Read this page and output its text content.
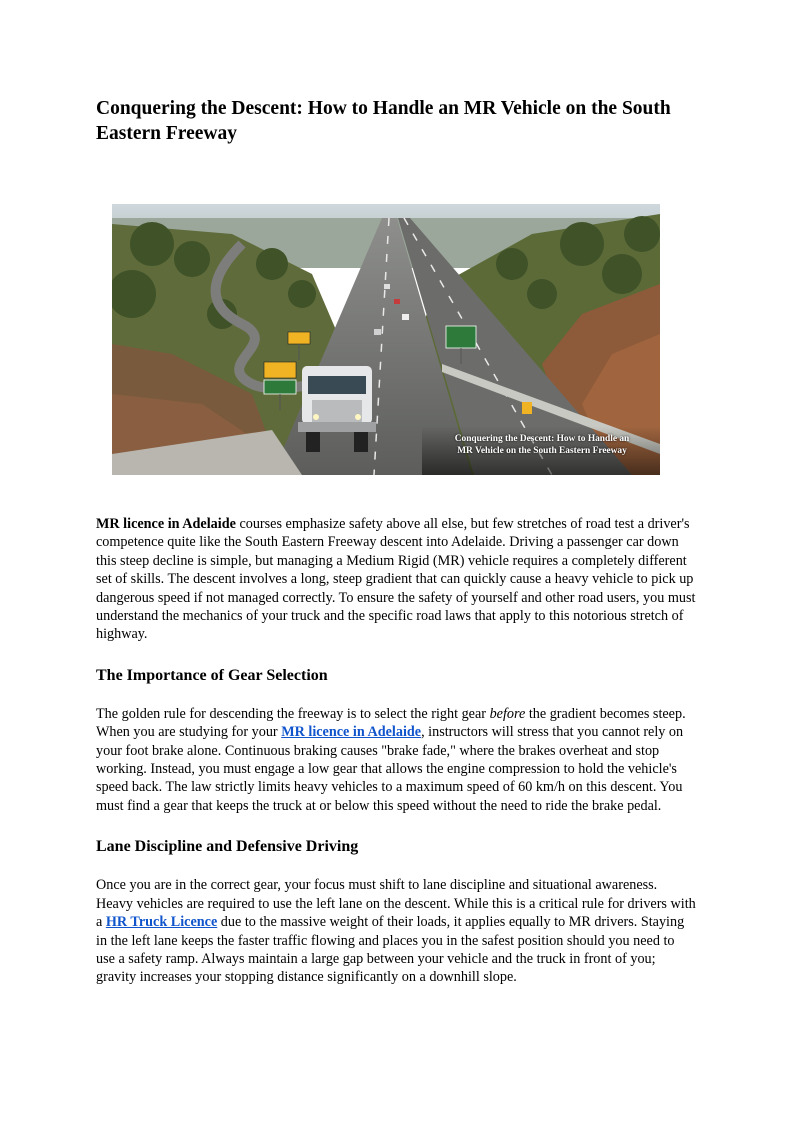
Conquering the Descent: How to Handle an MR Vehicle on the South Eastern Freeway
Conquering the Descent: How to Handle an
MR Vehicle on the South Eastern Freeway

MR licence in Adelaide courses emphasize safety above all else, but few stretches of road test a driver's competence quite like the South Eastern Freeway descent into Adelaide. Driving a passenger car down this steep decline is simple, but managing a Medium Rigid (MR) vehicle requires a completely different set of skills. The descent involves a long, steep gradient that can quickly cause a heavy vehicle to pick up dangerous speed if not managed correctly. To ensure the safety of yourself and other road users, you must understand the mechanics of your truck and the specific road laws that apply to this notorious stretch of highway.

The Importance of Gear Selection

The golden rule for descending the freeway is to select the right gear before the gradient becomes steep. When you are studying for your MR licence in Adelaide, instructors will stress that you cannot rely on your foot brake alone. Continuous braking causes "brake fade," where the brakes overheat and stop working. Instead, you must engage a low gear that allows the engine compression to hold the vehicle's speed back. The law strictly limits heavy vehicles to a maximum speed of 60 km/h on this descent. You must find a gear that keeps the truck at or below this speed without the need to ride the brake pedal.

Lane Discipline and Defensive Driving

Once you are in the correct gear, your focus must shift to lane discipline and situational awareness. Heavy vehicles are required to use the left lane on the descent. While this is a critical rule for drivers with a HR Truck Licence due to the massive weight of their loads, it applies equally to MR drivers. Staying in the left lane keeps the faster traffic flowing and places you in the safest position should you need to use a safety ramp. Always maintain a large gap between your vehicle and the truck in front of you; gravity increases your stopping distance significantly on a downhill slope.
